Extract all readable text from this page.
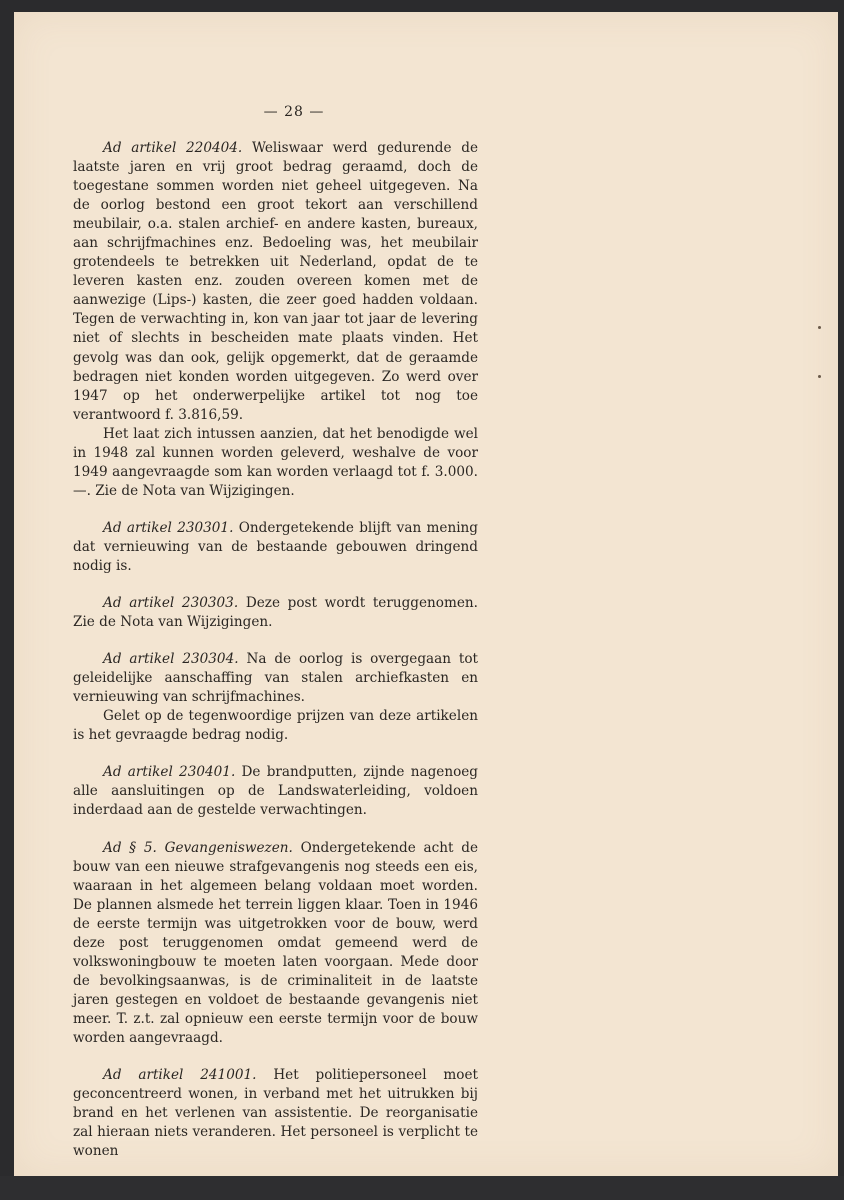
— 28 —

Ad artikel 220404. Weliswaar werd gedurende de laatste jaren en vrij groot bedrag geraamd, doch de toegestane sommen worden niet geheel uitgegeven. Na de oorlog bestond een groot tekort aan verschillend meubilair, o.a. stalen archief- en andere kasten, bureaux, aan schrijfmachines enz. Bedoeling was, het meubilair grotendeels te betrekken uit Nederland, opdat de te leveren kasten enz. zouden overeen komen met de aanwezige (Lips-) kasten, die zeer goed hadden voldaan. Tegen de verwachting in, kon van jaar tot jaar de levering niet of slechts in bescheiden mate plaats vinden. Het gevolg was dan ook, gelijk opgemerkt, dat de geraamde bedragen niet konden worden uitgegeven. Zo werd over 1947 op het onderwerpelijke artikel tot nog toe verantwoord f. 3.816,59.

Het laat zich intussen aanzien, dat het benodigde wel in 1948 zal kunnen worden geleverd, weshalve de voor 1949 aangevraagde som kan worden verlaagd tot f. 3.000.—. Zie de Nota van Wijzigingen.

Ad artikel 230301. Ondergetekende blijft van mening dat vernieuwing van de bestaande gebouwen dringend nodig is.

Ad artikel 230303. Deze post wordt teruggenomen. Zie de Nota van Wijzigingen.

Ad artikel 230304. Na de oorlog is overgegaan tot geleidelijke aanschaffing van stalen archiefkasten en vernieuwing van schrijfmachines.

Gelet op de tegenwoordige prijzen van deze artikelen is het gevraagde bedrag nodig.

Ad artikel 230401. De brandputten, zijnde nagenoeg alle aansluitingen op de Landswaterleiding, voldoen inderdaad aan de gestelde verwachtingen.

Ad § 5. Gevangeniswezen. Ondergetekende acht de bouw van een nieuwe strafgevangenis nog steeds een eis, waaraan in het algemeen belang voldaan moet worden. De plannen alsmede het terrein liggen klaar. Toen in 1946 de eerste termijn was uitgetrokken voor de bouw, werd deze post teruggenomen omdat gemeend werd de volkswoningbouw te moeten laten voorgaan. Mede door de bevolkingsaanwas, is de criminaliteit in de laatste jaren gestegen en voldoet de bestaande gevangenis niet meer. T. z.t. zal opnieuw een eerste termijn voor de bouw worden aangevraagd.

Ad artikel 241001. Het politiepersoneel moet geconcentreerd wonen, in verband met het uitrukken bij brand en het verlenen van assistentie. De reorganisatie zal hieraan niets veranderen. Het personeel is verplicht te wonen
